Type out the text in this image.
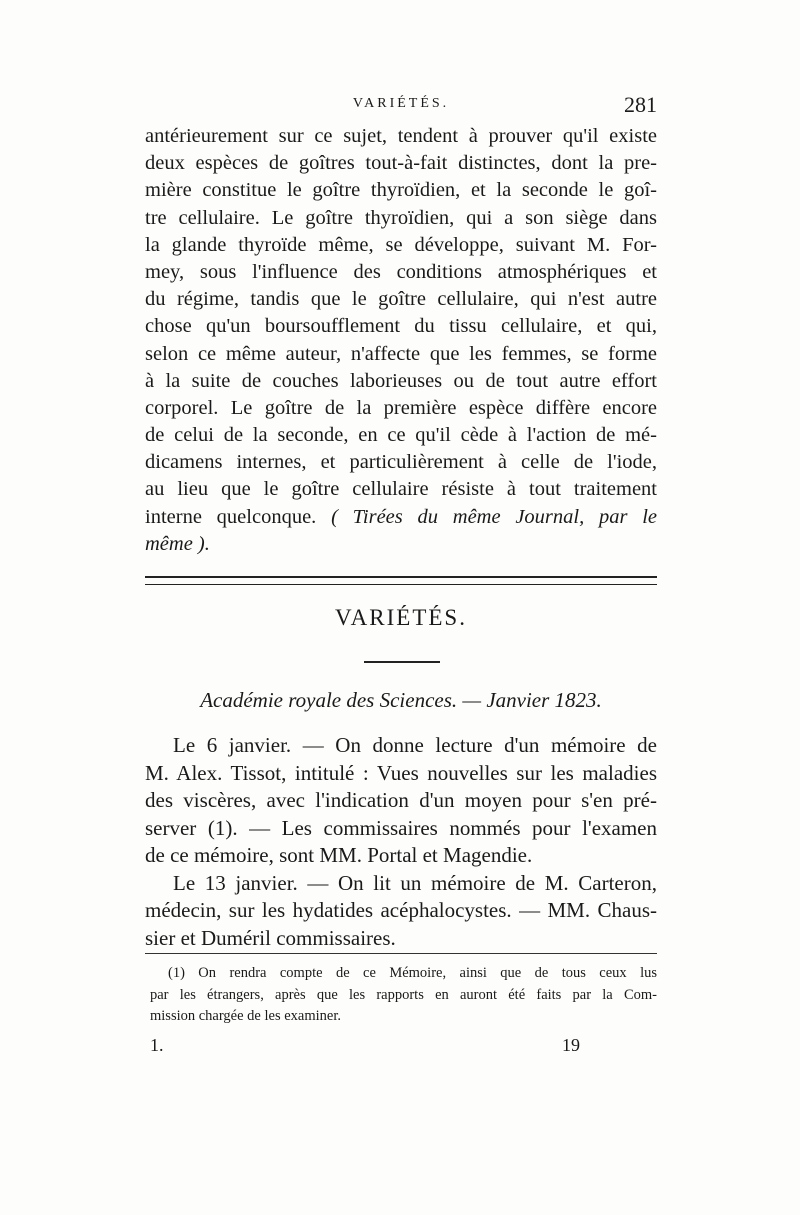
VARIÉTÉS.	281
antérieurement sur ce sujet, tendent à prouver qu'il existe
deux espèces de goîtres tout-à-fait distinctes, dont la pre-
mière constitue le goître thyroïdien, et la seconde le goî-
tre cellulaire. Le goître thyroïdien, qui a son siège dans
la glande thyroïde même, se développe, suivant M. For-
mey, sous l'influence des conditions atmosphériques et
du régime, tandis que le goître cellulaire, qui n'est autre
chose qu'un boursoufflement du tissu cellulaire, et qui,
selon ce même auteur, n'affecte que les femmes, se forme
à la suite de couches laborieuses ou de tout autre effort
corporel. Le goître de la première espèce diffère encore
de celui de la seconde, en ce qu'il cède à l'action de mé-
dicamens internes, et particulièrement à celle de l'iode,
au lieu que le goître cellulaire résiste à tout traitement
interne quelconque. ( Tirées du même Journal, par le
même ).
VARIÉTÉS.
Académie royale des Sciences. — Janvier 1823.
Le 6 janvier. — On donne lecture d'un mémoire de
M. Alex. Tissot, intitulé : Vues nouvelles sur les maladies
des viscères, avec l'indication d'un moyen pour s'en pré-
server (1). — Les commissaires nommés pour l'examen
de ce mémoire, sont MM. Portal et Magendie.
Le 13 janvier. — On lit un mémoire de M. Carteron,
médecin, sur les hydatides acéphalocystes. — MM. Chaus-
sier et Duméril commissaires.
(1) On rendra compte de ce Mémoire, ainsi que de tous ceux lus
par les étrangers, après que les rapports en auront été faits par la Com-
mission chargée de les examiner.
1.	19
